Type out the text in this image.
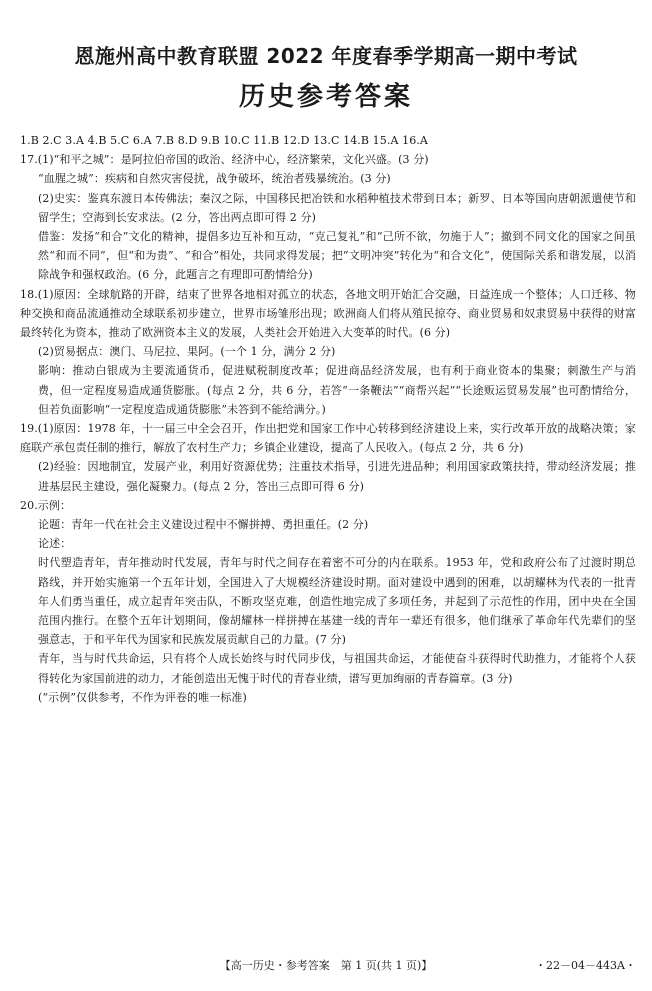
恩施州高中教育联盟 2022 年度春季学期高一期中考试
历史参考答案

1.B 2.C 3.A 4.B 5.C 6.A 7.B 8.D 9.B 10.C 11.B 12.D 13.C 14.B 15.A 16.A

17.(1)“和平之城”：是阿拉伯帝国的政治、经济中心，经济繁荣，文化兴盛。(3 分)

“血腥之城”：疾病和自然灾害侵扰，战争破坏，统治者残暴统治。(3 分)

(2)史实：鉴真东渡日本传佛法；秦汉之际，中国移民把冶铁和水稻种植技术带到日本；新罗、日本等国向唐朝派遣使节和留学生；空海到长安求法。(2 分，答出两点即可得 2 分)

借鉴：发扬“和合”文化的精神，提倡多边互补和互动，“克己复礼”和“己所不欲，勿施于人”；撤到不同文化的国家之间虽然“和而不同”，但“和为贵”、“和合”相处，共同求得发展；把“文明冲突”转化为“和合文化”，使国际关系和谐发展，以消除战争和强权政治。(6 分，此题言之有理即可酌情给分)

18.(1)原因：全球航路的开辟，结束了世界各地相对孤立的状态，各地文明开始汇合交融，日益连成一个整体；人口迁移、物种交换和商品流通推动全球联系初步建立，世界市场雏形出现；欧洲商人们将从殖民掠夺、商业贸易和奴隶贸易中获得的财富最终转化为资本，推动了欧洲资本主义的发展，人类社会开始进入大变革的时代。(6 分)

(2)贸易据点：澳门、马尼拉、果阿。(一个 1 分，满分 2 分)

影响：推动白银成为主要流通货币，促进赋税制度改革；促进商品经济发展，也有利于商业资本的集聚；刺激生产与消费，但一定程度易造成通货膨胀。(每点 2 分，共 6 分，若答“一条鞭法”“商帮兴起”“长途贩运贸易发展”也可酌情给分，但若负面影响“一定程度造成通货膨胀”未答到不能给满分。)

19.(1)原因：1978 年，十一届三中全会召开，作出把党和国家工作中心转移到经济建设上来，实行改革开放的战略决策；家庭联产承包责任制的推行，解放了农村生产力；乡镇企业建设，提高了人民收入。(每点 2 分，共 6 分)

(2)经验：因地制宜，发展产业，利用好资源优势；注重技术指导，引进先进品种；利用国家政策扶持，带动经济发展；推进基层民主建设，强化凝聚力。(每点 2 分，答出三点即可得 6 分)

20.示例：

论题：青年一代在社会主义建设过程中不懈拼搏、勇担重任。(2 分)

论述：

时代塑造青年，青年推动时代发展，青年与时代之间存在着密不可分的内在联系。1953 年，党和政府公布了过渡时期总路线，并开始实施第一个五年计划，全国进入了大规模经济建设时期。面对建设中遇到的困难，以胡耀林为代表的一批青年人们勇当重任，成立起青年突击队，不断攻坚克难，创造性地完成了多项任务，并起到了示范性的作用，团中央在全国范围内推行。在整个五年计划期间，像胡耀林一样拼搏在基建一线的青年一辈还有很多，他们继承了革命年代先辈们的坚强意志，于和平年代为国家和民族发展贡献自己的力量。(7 分)

青年，当与时代共命运，只有将个人成长始终与时代同步伐，与祖国共命运，才能使奋斗获得时代助推力，才能将个人获得转化为家国前进的动力，才能创造出无愧于时代的青春业绩，谱写更加绚丽的青春篇章。(3 分)

(“示例”仅供参考，不作为评卷的唯一标准)

【高一历史・参考答案　第 1 页(共 1 页)】	・22－04－443A・
